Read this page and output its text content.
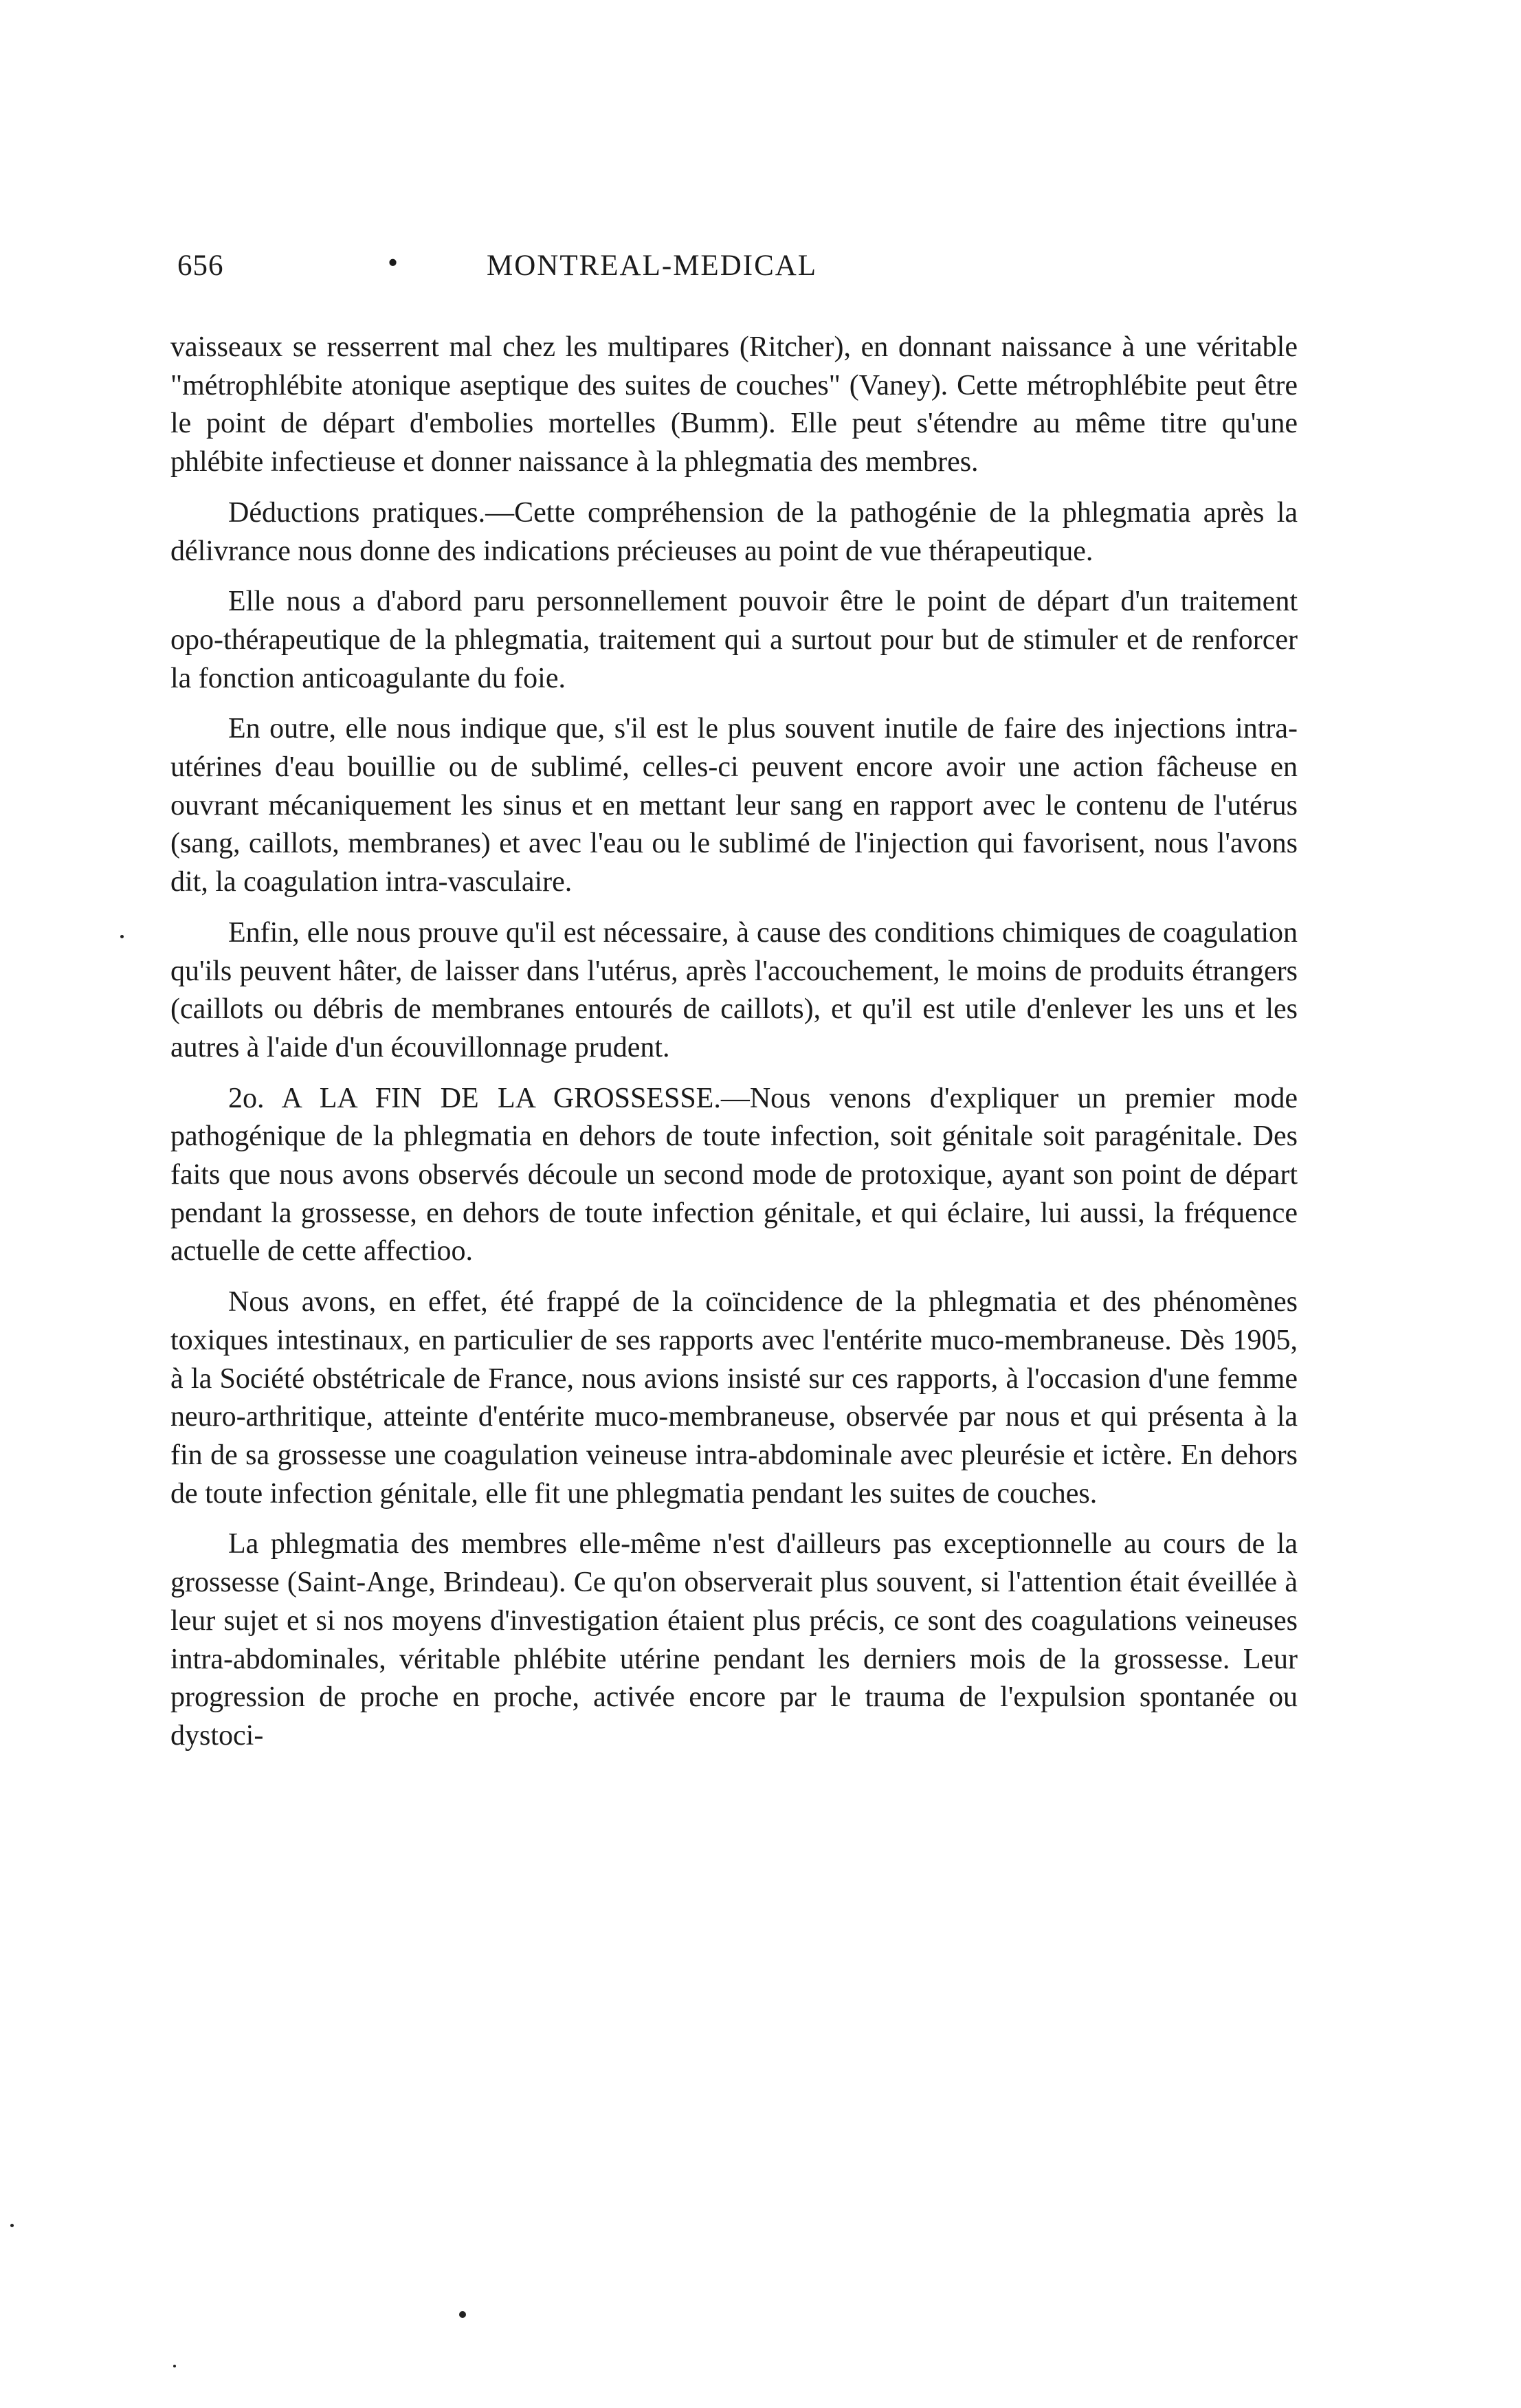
656	•	MONTREAL-MEDICAL

vaisseaux se resserrent mal chez les multipares (Ritcher), en donnant naissance à une véritable "métrophlébite atonique aseptique des suites de couches" (Vaney). Cette métrophlébite peut être le point de départ d'embolies mortelles (Bumm). Elle peut s'étendre au même titre qu'une phlébite infectieuse et donner naissance à la phlegmatia des membres.

Déductions pratiques.—Cette compréhension de la pathogénie de la phlegmatia après la délivrance nous donne des indications précieuses au point de vue thérapeutique.

Elle nous a d'abord paru personnellement pouvoir être le point de départ d'un traitement opo-thérapeutique de la phlegmatia, traitement qui a surtout pour but de stimuler et de renforcer la fonction anticoagulante du foie.

En outre, elle nous indique que, s'il est le plus souvent inutile de faire des injections intra-utérines d'eau bouillie ou de sublimé, celles-ci peuvent encore avoir une action fâcheuse en ouvrant mécaniquement les sinus et en mettant leur sang en rapport avec le contenu de l'utérus (sang, caillots, membranes) et avec l'eau ou le sublimé de l'injection qui favorisent, nous l'avons dit, la coagulation intra-vasculaire.

Enfin, elle nous prouve qu'il est nécessaire, à cause des conditions chimiques de coagulation qu'ils peuvent hâter, de laisser dans l'utérus, après l'accouchement, le moins de produits étrangers (caillots ou débris de membranes entourés de caillots), et qu'il est utile d'enlever les uns et les autres à l'aide d'un écouvillonnage prudent.

2o. A LA FIN DE LA GROSSESSE.—Nous venons d'expliquer un premier mode pathogénique de la phlegmatia en dehors de toute infection, soit génitale soit paragénitale. Des faits que nous avons observés découle un second mode de protoxique, ayant son point de départ pendant la grossesse, en dehors de toute infection génitale, et qui éclaire, lui aussi, la fréquence actuelle de cette affectioo.

Nous avons, en effet, été frappé de la coïncidence de la phlegmatia et des phénomènes toxiques intestinaux, en particulier de ses rapports avec l'entérite muco-membraneuse. Dès 1905, à la Société obstétricale de France, nous avions insisté sur ces rapports, à l'occasion d'une femme neuro-arthritique, atteinte d'entérite muco-membraneuse, observée par nous et qui présenta à la fin de sa grossesse une coagulation veineuse intra-abdominale avec pleurésie et ictère. En dehors de toute infection génitale, elle fit une phlegmatia pendant les suites de couches.

La phlegmatia des membres elle-même n'est d'ailleurs pas exceptionnelle au cours de la grossesse (Saint-Ange, Brindeau). Ce qu'on observerait plus souvent, si l'attention était éveillée à leur sujet et si nos moyens d'investigation étaient plus précis, ce sont des coagulations veineuses intra-abdominales, véritable phlébite utérine pendant les derniers mois de la grossesse. Leur progression de proche en proche, activée encore par le trauma de l'expulsion spontanée ou dystoci-
